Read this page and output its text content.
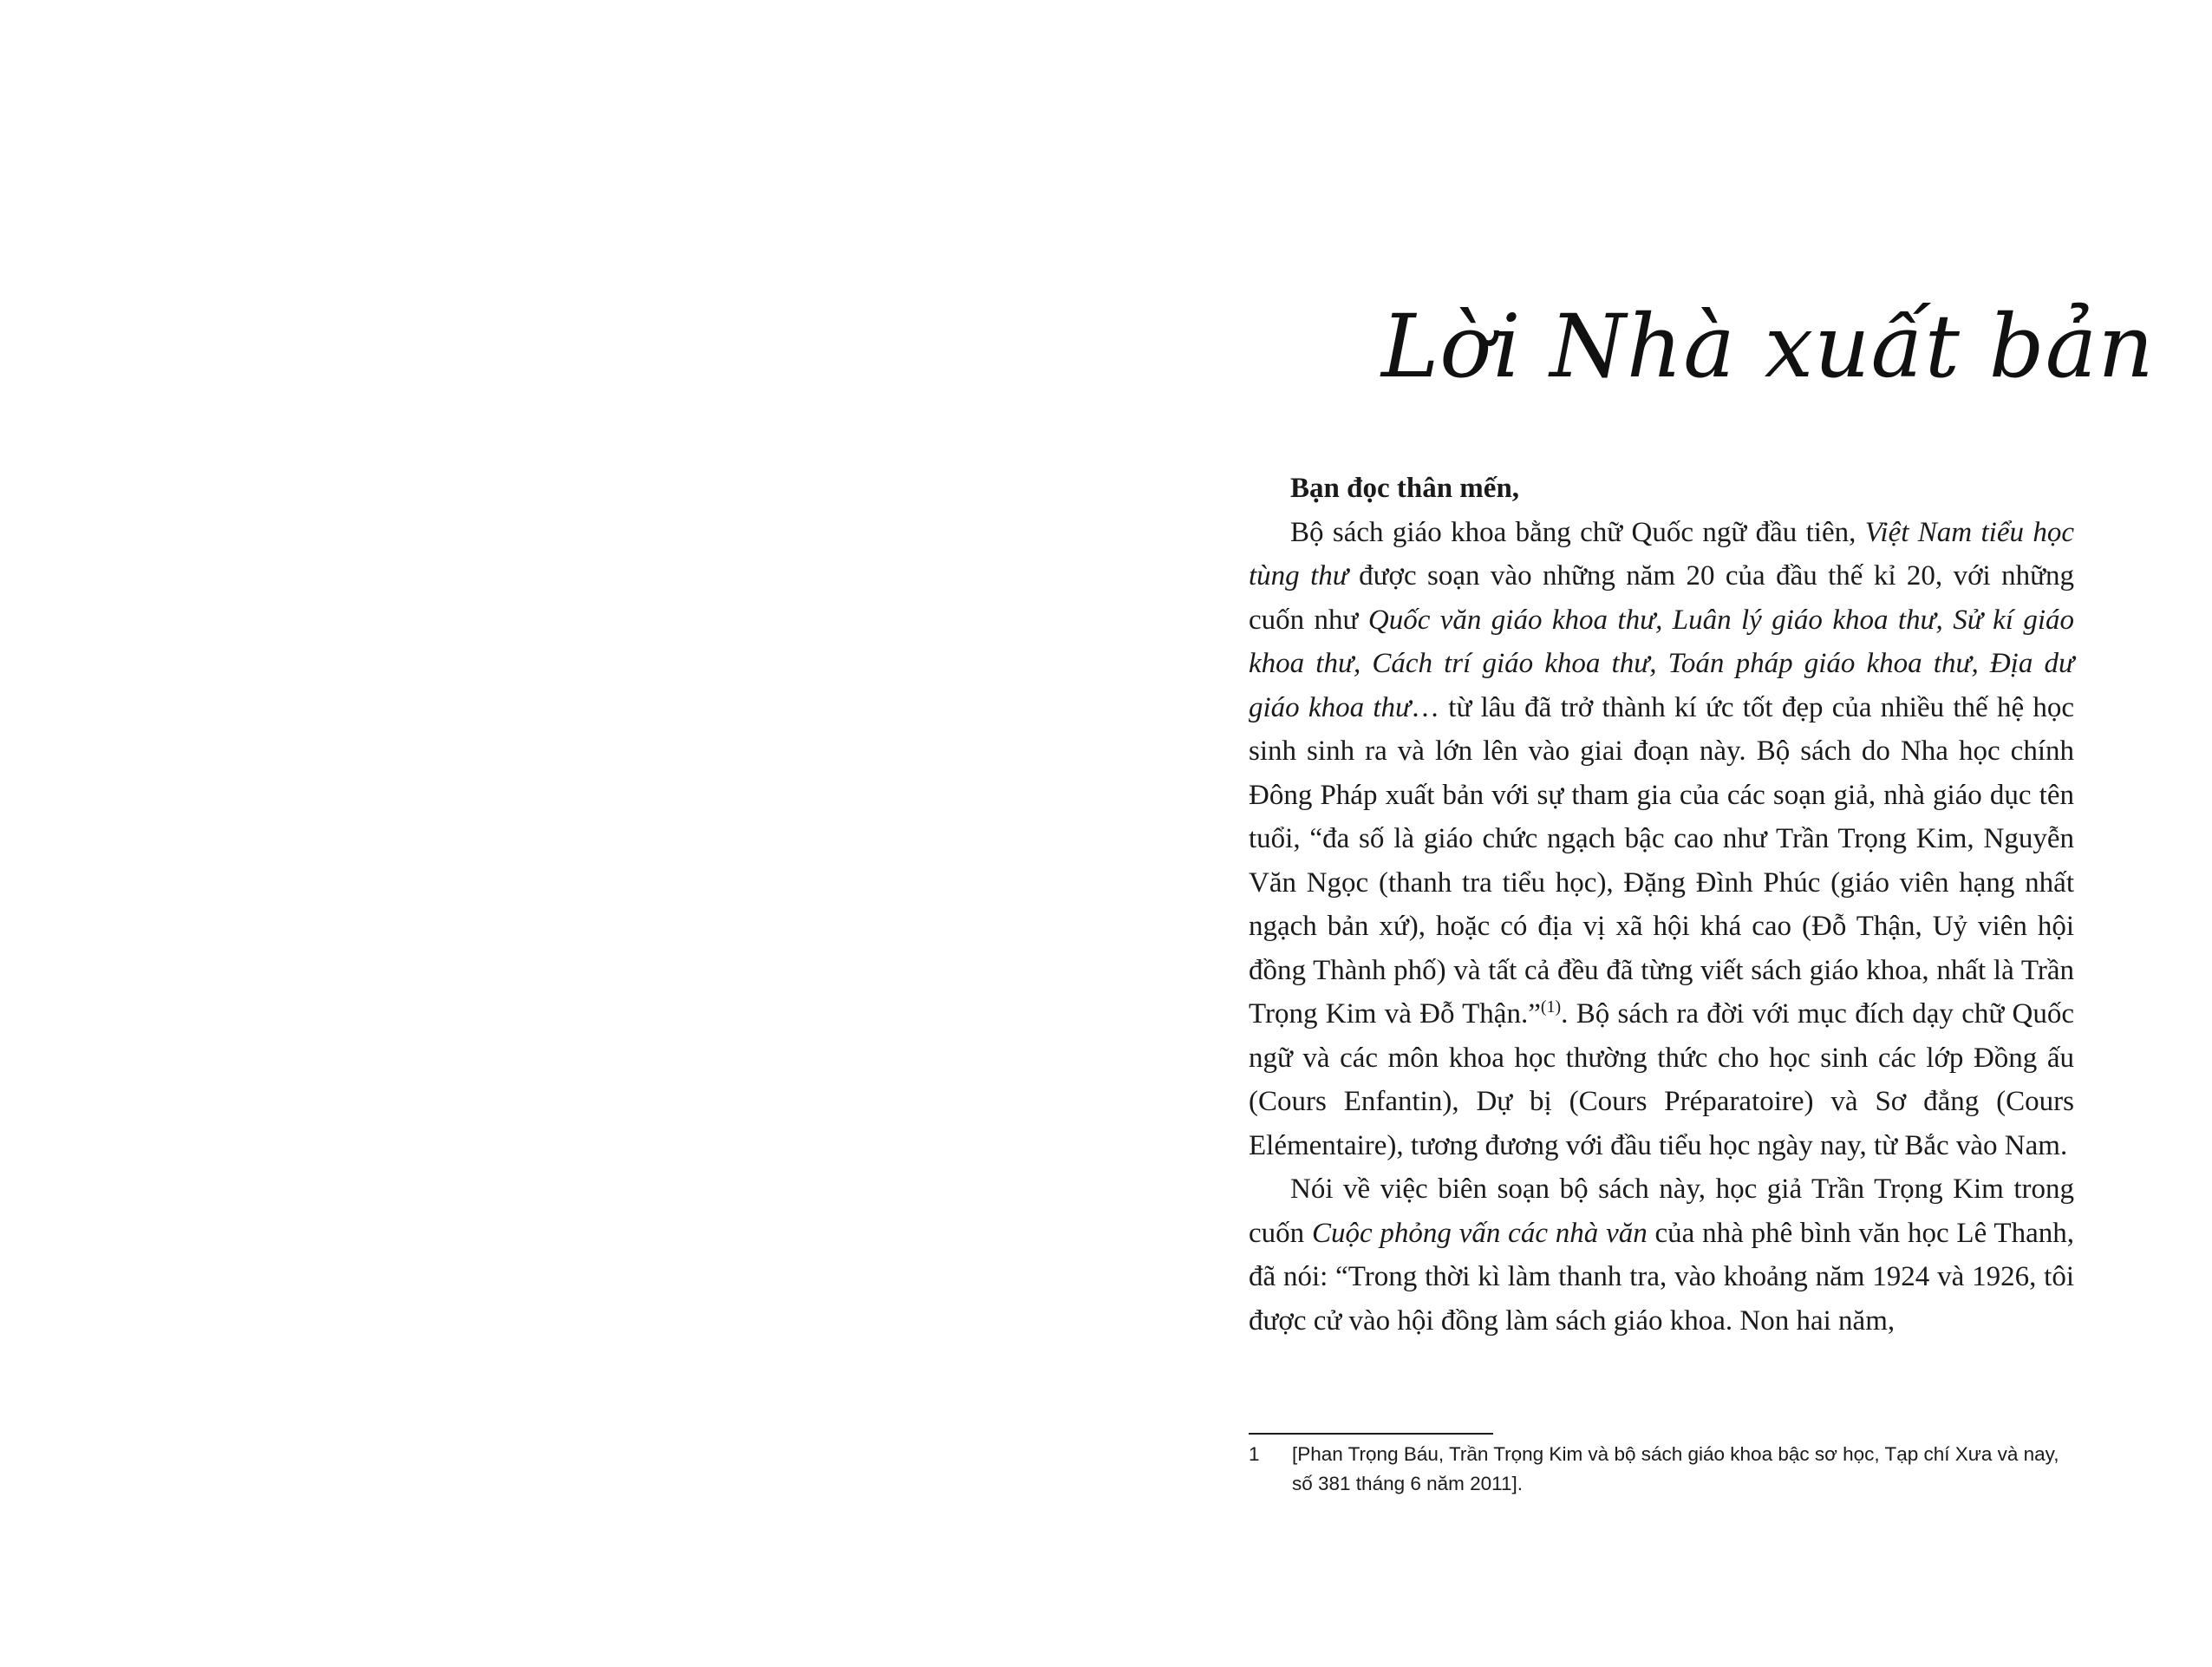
Lời Nhà xuất bản

Bạn đọc thân mến,

Bộ sách giáo khoa bằng chữ Quốc ngữ đầu tiên, Việt Nam tiểu học tùng thư được soạn vào những năm 20 của đầu thế kỉ 20, với những cuốn như Quốc văn giáo khoa thư, Luân lý giáo khoa thư, Sử kí giáo khoa thư, Cách trí giáo khoa thư, Toán pháp giáo khoa thư, Địa dư giáo khoa thư… từ lâu đã trở thành kí ức tốt đẹp của nhiều thế hệ học sinh sinh ra và lớn lên vào giai đoạn này. Bộ sách do Nha học chính Đông Pháp xuất bản với sự tham gia của các soạn giả, nhà giáo dục tên tuổi, “đa số là giáo chức ngạch bậc cao như Trần Trọng Kim, Nguyễn Văn Ngọc (thanh tra tiểu học), Đặng Đình Phúc (giáo viên hạng nhất ngạch bản xứ), hoặc có địa vị xã hội khá cao (Đỗ Thận, Uỷ viên hội đồng Thành phố) và tất cả đều đã từng viết sách giáo khoa, nhất là Trần Trọng Kim và Đỗ Thận.”$^{(1)}$. Bộ sách ra đời với mục đích dạy chữ Quốc ngữ và các môn khoa học thường thức cho học sinh các lớp Đồng ấu (Cours Enfantin), Dự bị (Cours Préparatoire) và Sơ đẳng (Cours Elémentaire), tương đương với đầu tiểu học ngày nay, từ Bắc vào Nam.

Nói về việc biên soạn bộ sách này, học giả Trần Trọng Kim trong cuốn Cuộc phỏng vấn các nhà văn của nhà phê bình văn học Lê Thanh, đã nói: “Trong thời kì làm thanh tra, vào khoảng năm 1924 và 1926, tôi được cử vào hội đồng làm sách giáo khoa. Non hai năm,

1 [Phan Trọng Báu, Trần Trọng Kim và bộ sách giáo khoa bậc sơ học, Tạp chí Xưa và nay, số 381 tháng 6 năm 2011].
